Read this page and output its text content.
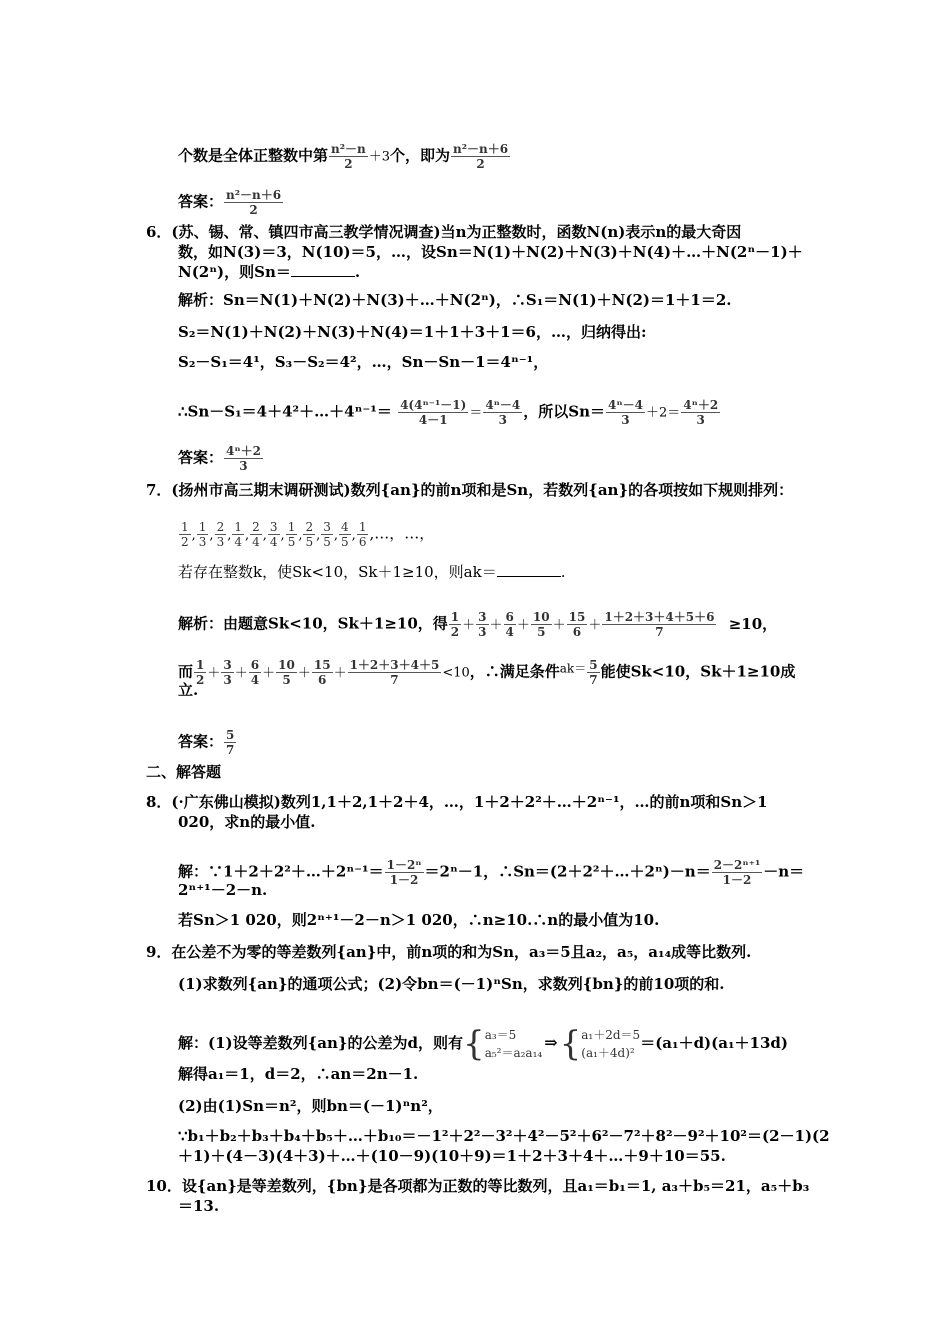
个数是全体正整数中第 $\frac{\text{n²－n}}{2} +3$个，即为 $\frac{\text{n²－n＋6}}{2}$
答案： $\frac{\text{n²－n＋6}}{2}$
6．(苏、锡、常、镇四市高三教学情况调查)当n为正整数时，函数N(n)表示n的最大奇因
数，如N(3)＝3，N(10)＝5，…，设Sn＝N(1)＋N(2)＋N(3)＋N(4)＋…＋N(2ⁿ－1)＋
N(2ⁿ)，则Sn＝	.
解析：Sn＝N(1)＋N(2)＋N(3)＋…＋N(2ⁿ)，∴S₁＝N(1)＋N(2)＝1＋1＝2.
S₂＝N(1)＋N(2)＋N(3)＋N(4)＝1＋1＋3＋1＝6，…，归纳得出:
S₂－S₁＝4¹，S₃－S₂＝4²，…，Sn－Sn－1＝4ⁿ⁻¹，
∴Sn－S₁＝4＋4²＋…＋4ⁿ⁻¹＝ $\frac{\text{4(4ⁿ⁻¹－1)}}{4-1} = \frac{\text{4ⁿ－4}}{3}$ ，所以$Sn= \frac{\text{4ⁿ－4}}{3} +2= \frac{\text{4ⁿ＋2}}{3}$
答案： $\frac{\text{4ⁿ＋2}}{3}$
7．(扬州市高三期末调研测试)数列{an}的前n项和是Sn，若数列{an}的各项按如下规则排列：
$\frac{1}{2}$ , $\frac{1}{3}$ , $\frac{2}{3}$ , $\frac{1}{4}$ , $\frac{2}{4}$ , $\frac{3}{4}$ , $\frac{1}{5}$ , $\frac{2}{5}$ , $\frac{3}{5}$ , $\frac{4}{5}$ , $\frac{1}{6}$ ,…，…，
若存在整数k，使Sk<10，Sk＋1≥10，则ak＝	.
解析：由题意Sk<10，Sk＋1≥10，得 $\frac{1}{2} + \frac{3}{3} + \frac{6}{4} + \frac{10}{5} + \frac{15}{6} + \frac{1+2+3+4+5+6}{7} \ge 10$，
而 $\frac{1}{2} + \frac{3}{3} + \frac{6}{4} + \frac{10}{5} + \frac{15}{6} + \frac{1+2+3+4+5}{7} <10$，∴满足条件$^{ak=} \frac{5}{7}$ 能使Sk<10，Sk＋1≥10成
立.
答案： $\frac{5}{7}$
二、解答题
8．(·广东佛山模拟)数列1,1＋2,1＋2＋4，…，1＋2＋2²＋…＋2ⁿ⁻¹，…的前n项和Sn＞1
020，求n的最小值.
解：∵1＋2＋2²＋…＋2ⁿ⁻¹＝ $\frac{\text{1－2ⁿ}}{1-2} =2^n-1$，∴Sn＝(2＋2²＋…＋2ⁿ)－n＝ $\frac{\text{2－2ⁿ⁺¹}}{1-2} -n=$
2ⁿ⁺¹－2－n.
若Sn＞1 020，则2ⁿ⁺¹－2－n＞1 020，∴n≥10.∴n的最小值为10.
9．在公差不为零的等差数列{an}中，前n项的和为Sn，a₃＝5且a₂，a₅，a₁₄成等比数列.
(1)求数列{an}的通项公式；(2)令bn＝(－1)ⁿSn，求数列{bn}的前10项的和.
解：(1)设等差数列{an}的公差为d，则有{ a₃＝5
a₅²＝a₂a₁₄
⇒{ a₁＋2d＝5
(a₁＋4d)²
＝(a₁＋d)(a₁＋13d)
解得a₁＝1，d＝2，∴an＝2n－1.
(2)由(1)Sn＝n²，则bn＝(－1)ⁿn²，
∵b₁＋b₂＋b₃＋b₄＋b₅＋…＋b₁₀＝－1²＋2²－3²＋4²－5²＋6²－7²＋8²－9²＋10²＝(2－1)(2
＋1)＋(4－3)(4＋3)＋…＋(10－9)(10＋9)＝1＋2＋3＋4＋…＋9＋10＝55.
10．设{an}是等差数列，{bn}是各项都为正数的等比数列，且a₁＝b₁＝1, a₃＋b₅＝21，a₅＋b₃
＝13.
